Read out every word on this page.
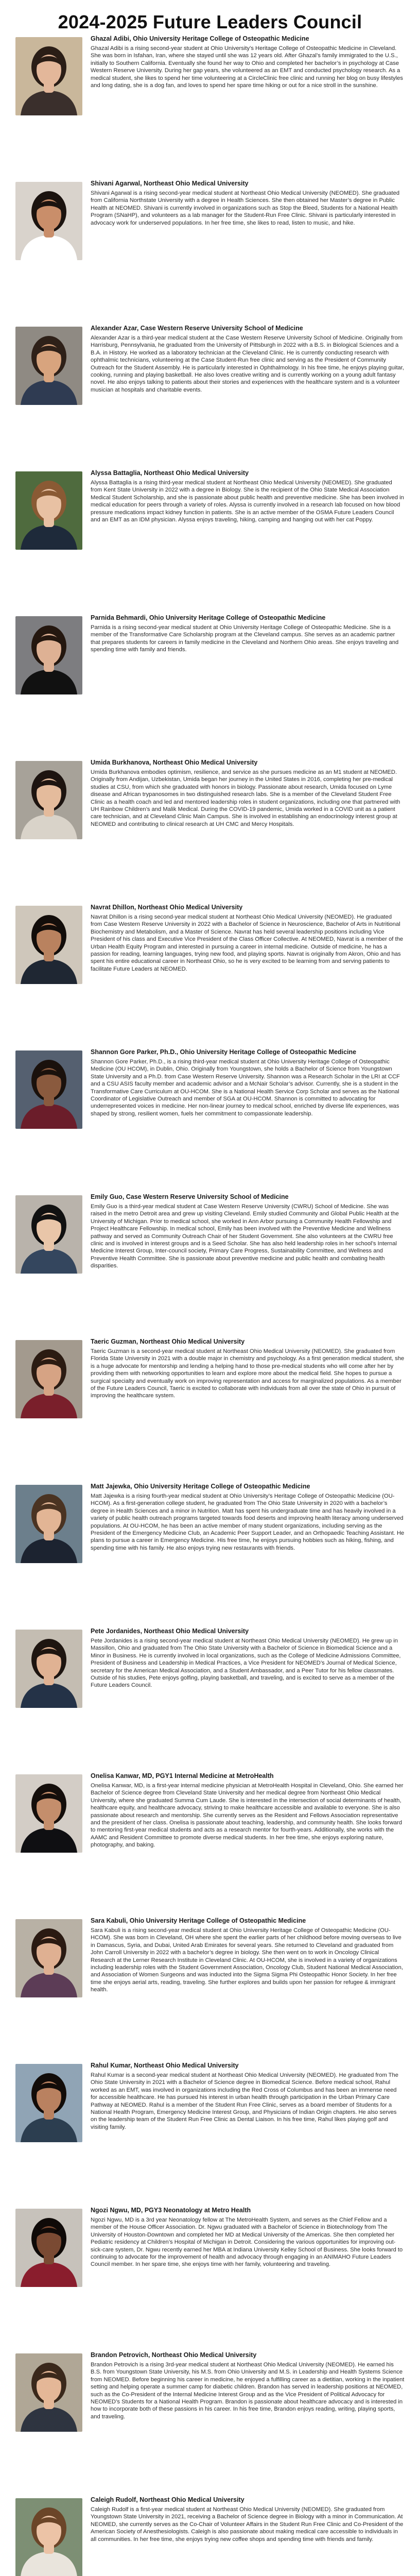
2024-2025 Future Leaders Council
Ghazal Adibi, Ohio University Heritage College of Osteopathic Medicine

Ghazal Adibi is a rising second-year student at Ohio University’s Heritage College of Osteopathic Medicine in Cleveland. She was born in Isfahan, Iran, where she stayed until she was 12 years old. After Ghazal’s family immigrated to the U.S., initially to Southern California. Eventually she found her way to Ohio and completed her bachelor’s in psychology at Case Western Reserve University. During her gap years, she volunteered as an EMT and conducted psychology research. As a medical student, she likes to spend her time volunteering at a CircleClinic free clinic and running her blog on busy lifestyles and long dating, she is a dog fan, and loves to spend her spare time hiking or out for a nice stroll in the sunshine.

Shivani Agarwal, Northeast Ohio Medical University

Shivani Agarwal is a rising second-year medical student at Northeast Ohio Medical University (NEOMED). She graduated from California Northstate University with a degree in Health Sciences. She then obtained her Master’s degree in Public Health at NEOMED. Shivani is currently involved in organizations such as Stop the Bleed, Students for a National Health Program (SNaHP), and volunteers as a lab manager for the Student-Run Free Clinic. Shivani is particularly interested in advocacy work for underserved populations. In her free time, she likes to read, listen to music, and hike.

Alexander Azar, Case Western Reserve University School of Medicine

Alexander Azar is a third-year medical student at the Case Western Reserve University School of Medicine. Originally from Harrisburg, Pennsylvania, he graduated from the University of Pittsburgh in 2022 with a B.S. in Biological Sciences and a B.A. in History. He worked as a laboratory technician at the Cleveland Clinic. He is currently conducting research with ophthalmic technicians, volunteering at the Case Student-Run free clinic and serving as the President of Community Outreach for the Student Assembly. He is particularly interested in Ophthalmology. In his free time, he enjoys playing guitar, cooking, running and playing basketball. He also loves creative writing and is currently working on a young adult fantasy novel. He also enjoys talking to patients about their stories and experiences with the healthcare system and is a volunteer musician at hospitals and charitable events.

Alyssa Battaglia, Northeast Ohio Medical University

Alyssa Battaglia is a rising third-year medical student at Northeast Ohio Medical University (NEOMED). She graduated from Kent State University in 2022 with a degree in Biology. She is the recipient of the Ohio State Medical Association Medical Student Scholarship, and she is passionate about public health and preventive medicine. She has been involved in medical education for peers through a variety of roles. Alyssa is currently involved in a research lab focused on how blood pressure medications impact kidney function in patients. She is an active member of the OSMA Future Leaders Council and an EMT as an IDM physician. Alyssa enjoys traveling, hiking, camping and hanging out with her cat Poppy.

Parnida Behmardi, Ohio University Heritage College of Osteopathic Medicine

Parnida is a rising second-year medical student at Ohio University Heritage College of Osteopathic Medicine. She is a member of the Transformative Care Scholarship program at the Cleveland campus. She serves as an academic partner that prepares students for careers in family medicine in the Cleveland and Northern Ohio areas. She enjoys traveling and spending time with family and friends.

Umida Burkhanova, Northeast Ohio Medical University

Umida Burkhanova embodies optimism, resilience, and service as she pursues medicine as an M1 student at NEOMED. Originally from Andijan, Uzbekistan, Umida began her journey in the United States in 2016, completing her pre-medical studies at CSU, from which she graduated with honors in biology. Passionate about research, Umida focused on Lyme disease and African trypanosomes in two distinguished research labs. She is a member of the Cleveland Student Free Clinic as a health coach and led and mentored leadership roles in student organizations, including one that partnered with UH Rainbow Children’s and Malik Medical. During the COVID-19 pandemic, Umida worked in a COVID unit as a patient care technician, and at Cleveland Clinic Main Campus. She is involved in establishing an endocrinology interest group at NEOMED and contributing to clinical research at UH CMC and Mercy Hospitals.

Navrat Dhillon, Northeast Ohio Medical University

Navrat Dhillon is a rising second-year medical student at Northeast Ohio Medical University (NEOMED). He graduated from Case Western Reserve University in 2022 with a Bachelor of Science in Neuroscience, Bachelor of Arts in Nutritional Biochemistry and Metabolism, and a Master of Science. Navrat has held several leadership positions including Vice President of his class and Executive Vice President of the Class Officer Collective. At NEOMED, Navrat is a member of the Urban Health Equity Program and interested in pursuing a career in internal medicine. Outside of medicine, he has a passion for reading, learning languages, trying new food, and playing sports. Navrat is originally from Akron, Ohio and has spent his entire educational career in Northeast Ohio, so he is very excited to be learning from and serving patients to facilitate Future Leaders at NEOMED.

Shannon Gore Parker, Ph.D., Ohio University Heritage College of Osteopathic Medicine

Shannon Gore Parker, Ph.D., is a rising third-year medical student at Ohio University Heritage College of Osteopathic Medicine (OU HCOM), in Dublin, Ohio. Originally from Youngstown, she holds a Bachelor of Science from Youngstown State University and a Ph.D. from Case Western Reserve University. Shannon was a Research Scholar in the LRI at CCF and a CSU ASIS faculty member and academic advisor and a McNair Scholar’s advisor. Currently, she is a student in the Transformative Care Curriculum at OU-HCOM. She is a National Health Service Corp Scholar and serves as the National Coordinator of Legislative Outreach and member of SGA at OU-HCOM. Shannon is committed to advocating for underrepresented voices in medicine. Her non-linear journey to medical school, enriched by diverse life experiences, was shaped by strong, resilient women, fuels her commitment to compassionate leadership.

Emily Guo, Case Western Reserve University School of Medicine

Emily Guo is a third-year medical student at Case Western Reserve University (CWRU) School of Medicine. She was raised in the metro Detroit area and grew up visiting Cleveland. Emily studied Community and Global Public Health at the University of Michigan. Prior to medical school, she worked in Ann Arbor pursuing a Community Health Fellowship and Project Healthcare Fellowship. In medical school, Emily has been involved with the Preventive Medicine and Wellness pathway and served as Community Outreach Chair of her Student Government. She also volunteers at the CWRU free clinic and is involved in interest groups and is a Seed Scholar. She has also held leadership roles in her school’s Internal Medicine Interest Group, Inter-council society, Primary Care Progress, Sustainability Committee, and Wellness and Preventive Health Committee. She is passionate about preventive medicine and public health and combating health disparities.

Taeric Guzman, Northeast Ohio Medical University

Taeric Guzman is a second-year medical student at Northeast Ohio Medical University (NEOMED). She graduated from Florida State University in 2021 with a double major in chemistry and psychology. As a first generation medical student, she is a huge advocate for mentorship and lending a helping hand to those pre-medical students who will come after her by providing them with networking opportunities to learn and explore more about the medical field. She hopes to pursue a surgical specialty and eventually work on improving representation and access for marginalized populations. As a member of the Future Leaders Council, Taeric is excited to collaborate with individuals from all over the state of Ohio in pursuit of improving the healthcare system.

Matt Jajewka, Ohio University Heritage College of Osteopathic Medicine

Matt Jajewka is a rising fourth-year medical student at Ohio University’s Heritage College of Osteopathic Medicine (OU-HCOM). As a first-generation college student, he graduated from The Ohio State University in 2020 with a bachelor’s degree in Health Sciences and a minor in Nutrition. Matt has spent his undergraduate time and has heavily involved in a variety of public health outreach programs targeted towards food deserts and improving health literacy among underserved populations. At OU-HCOM, he has been an active member of many student organizations, including serving as the President of the Emergency Medicine Club, an Academic Peer Support Leader, and an Orthopaedic Teaching Assistant. He plans to pursue a career in Emergency Medicine. His free time, he enjoys pursuing hobbies such as hiking, fishing, and spending time with his family. He also enjoys trying new restaurants with friends.

Pete Jordanides, Northeast Ohio Medical University

Pete Jordanides is a rising second-year medical student at Northeast Ohio Medical University (NEOMED). He grew up in Massillon, Ohio and graduated from The Ohio State University with a Bachelor of Science in Biomedical Science and a Minor in Business. He is currently involved in local organizations, such as the College of Medicine Admissions Committee, President of Business and Leadership in Medical Practices, a Vice President for NEOMED’s Journal of Medical Science, secretary for the American Medical Association, and a Student Ambassador, and a Peer Tutor for his fellow classmates. Outside of his studies, Pete enjoys golfing, playing basketball, and traveling, and is excited to serve as a member of the Future Leaders Council.

Onelisa Kanwar, MD, PGY1 Internal Medicine at MetroHealth

Onelisa Kanwar, MD, is a first-year internal medicine physician at MetroHealth Hospital in Cleveland, Ohio. She earned her Bachelor of Science degree from Cleveland State University and her medical degree from Northeast Ohio Medical University, where she graduated Summa Cum Laude. She is interested in the intersection of social determinants of health, healthcare equity, and healthcare advocacy, striving to make healthcare accessible and available to everyone. She is also passionate about research and mentorship. She currently serves as the Resident and Fellows Association representative and the president of her class. Onelisa is passionate about teaching, leadership, and community health. She looks forward to mentoring first-year medical students and acts as a research mentor for fourth-years. Additionally, she works with the AAMC and Resident Committee to promote diverse medical students. In her free time, she enjoys exploring nature, photography, and baking.

Sara Kabuli, Ohio University Heritage College of Osteopathic Medicine

Sara Kabuli is a rising second-year medical student at Ohio University Heritage College of Osteopathic Medicine (OU-HCOM). She was born in Cleveland, OH where she spent the earlier parts of her childhood before moving overseas to live in Damascus, Syria, and Dubai, United Arab Emirates for several years. She returned to Cleveland and graduated from John Carroll University in 2022 with a bachelor’s degree in biology. She then went on to work in Oncology Clinical Research at the Lerner Research Institute in Cleveland Clinic. At OU-HCOM, she is involved in a variety of organizations including leadership roles with the Student Government Association, Oncology Club, Student National Medical Association, and Association of Women Surgeons and was inducted into the Sigma Sigma Phi Osteopathic Honor Society. In her free time she enjoys aerial arts, reading, traveling. She further explores and builds upon her passion for refugee & immigrant health.

Rahul Kumar, Northeast Ohio Medical University

Rahul Kumar is a second-year medical student at Northeast Ohio Medical University (NEOMED). He graduated from The Ohio State University in 2021 with a Bachelor of Science degree in Biomedical Science. Before medical school, Rahul worked as an EMT, was involved in organizations including the Red Cross of Columbus and has been an immense need for accessible healthcare. He has pursued his interest in urban health through participation in the Urban Primary Care Pathway at NEOMED. Rahul is a member of the Student Run Free Clinic, serves as a board member of Students for a National Health Program, Emergency Medicine Interest Group, and Physicians of Indian Origin chapters. He also serves on the leadership team of the Student Run Free Clinic as Dental Liaison. In his free time, Rahul likes playing golf and visiting family.

Ngozi Ngwu, MD, PGY3 Neonatology at Metro Health

Ngozi Ngwu, MD is a 3rd year Neonatology fellow at The MetroHealth System, and serves as the Chief Fellow and a member of the House Officer Association. Dr. Ngwu graduated with a Bachelor of Science in Biotechnology from The University of Houston-Downtown and completed her MD at Medical University of the Americas. She then completed her Pediatric residency at Children’s Hospital of Michigan in Detroit. Considering the various opportunities for improving out-sick-care system, Dr. Ngwu recently earned her MBA at Indiana University Kelley School of Business. She looks forward to continuing to advocate for the improvement of health and advocacy through engaging in an ANIMAHO Future Leaders Council member. In her spare time, she enjoys time with her family, volunteering and traveling.

Brandon Petrovich, Northeast Ohio Medical University

Brandon Petrovich is a rising 3rd-year medical student at Northeast Ohio Medical University (NEOMED). He earned his B.S. from Youngstown State University, his M.S. from Ohio University and M.S. in Leadership and Health Systems Science from NEOMED. Before beginning his career in medicine, he enjoyed a fulfilling career as a dietitian, working in the inpatient setting and helping operate a summer camp for diabetic children. Brandon has served in leadership positions at NEOMED, such as the Co-President of the Internal Medicine Interest Group and as the Vice President of Political Advocacy for NEOMED’s Students for a National Health Program. Brandon is passionate about healthcare advocacy and is interested in how to incorporate both of these passions in his career. In his free time, Brandon enjoys reading, writing, playing sports, and traveling.

Caleigh Rudolf, Northeast Ohio Medical University

Caleigh Rudolf is a first-year medical student at Northeast Ohio Medical University (NEOMED). She graduated from Youngstown State University in 2021, receiving a Bachelor of Science degree in Biology with a minor in Communication. At NEOMED, she currently serves as the Co-Chair of Volunteer Affairs in the Student Run Free Clinic and Co-President of the American Society of Anesthesiologists. Caleigh is also passionate about making medical care accessible to individuals in all communities. In her free time, she enjoys trying new coffee shops and spending time with friends and family.
